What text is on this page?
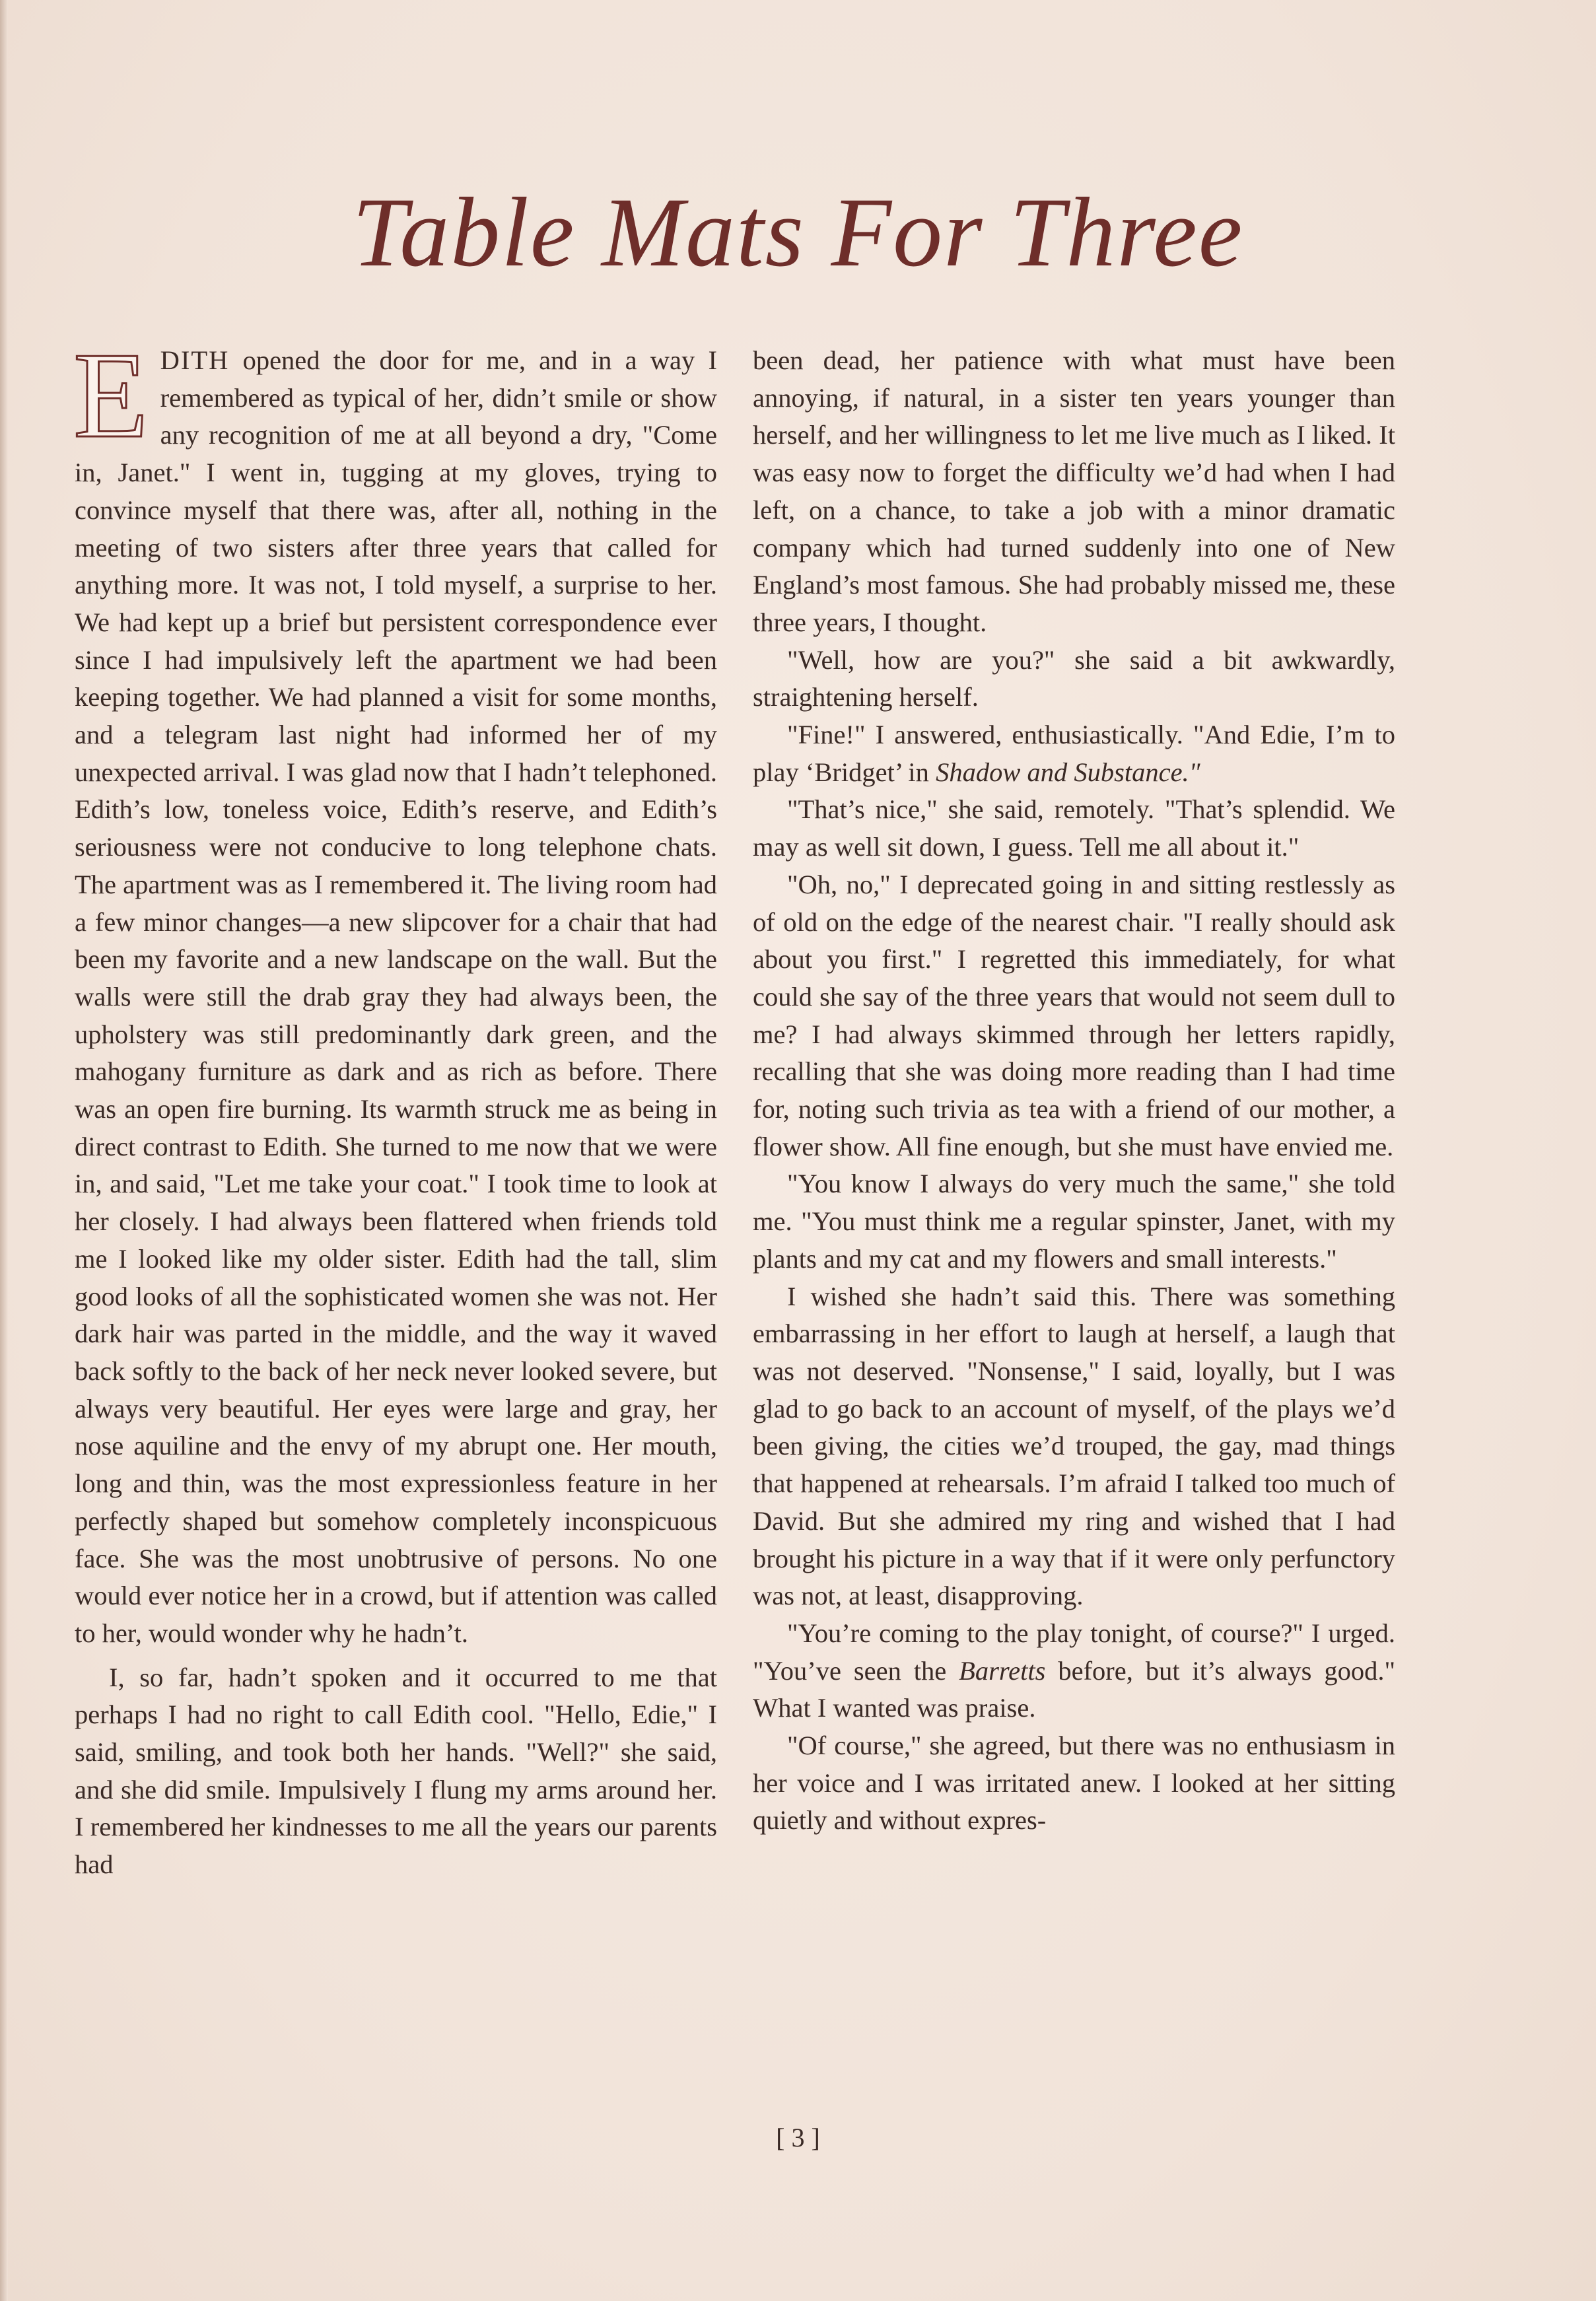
Table Mats For Three

EDITH opened the door for me, and in a way I remembered as typical of her, didn’t smile or show any recognition of me at all beyond a dry, "Come in, Janet." I went in, tugging at my gloves, trying to convince myself that there was, after all, nothing in the meeting of two sisters after three years that called for anything more. It was not, I told myself, a surprise to her. We had kept up a brief but persistent correspondence ever since I had impulsively left the apartment we had been keeping together. We had planned a visit for some months, and a telegram last night had informed her of my unexpected arrival. I was glad now that I hadn’t telephoned. Edith’s low, toneless voice, Edith’s reserve, and Edith’s seriousness were not conducive to long telephone chats. The apartment was as I remembered it. The living room had a few minor changes—a new slipcover for a chair that had been my favorite and a new landscape on the wall. But the walls were still the drab gray they had always been, the upholstery was still predominantly dark green, and the mahogany furniture as dark and as rich as before. There was an open fire burning. Its warmth struck me as being in direct contrast to Edith. She turned to me now that we were in, and said, "Let me take your coat." I took time to look at her closely. I had always been flattered when friends told me I looked like my older sister. Edith had the tall, slim good looks of all the sophisticated women she was not. Her dark hair was parted in the middle, and the way it waved back softly to the back of her neck never looked severe, but always very beautiful. Her eyes were large and gray, her nose aquiline and the envy of my abrupt one. Her mouth, long and thin, was the most expressionless feature in her perfectly shaped but somehow completely inconspicuous face. She was the most unobtrusive of persons. No one would ever notice her in a crowd, but if attention was called to her, would wonder why he hadn’t.

I, so far, hadn’t spoken and it occurred to me that perhaps I had no right to call Edith cool. "Hello, Edie," I said, smiling, and took both her hands. "Well?" she said, and she did smile. Impulsively I flung my arms around her. I remembered her kindnesses to me all the years our parents had

been dead, her patience with what must have been annoying, if natural, in a sister ten years younger than herself, and her willingness to let me live much as I liked. It was easy now to forget the difficulty we’d had when I had left, on a chance, to take a job with a minor dramatic company which had turned suddenly into one of New England’s most famous. She had probably missed me, these three years, I thought.

"Well, how are you?" she said a bit awkwardly, straightening herself.

"Fine!" I answered, enthusiastically. "And Edie, I’m to play ‘Bridget’ in Shadow and Substance."

"That’s nice," she said, remotely. "That’s splendid. We may as well sit down, I guess. Tell me all about it."

"Oh, no," I deprecated going in and sitting restlessly as of old on the edge of the nearest chair. "I really should ask about you first." I regretted this immediately, for what could she say of the three years that would not seem dull to me? I had always skimmed through her letters rapidly, recalling that she was doing more reading than I had time for, noting such trivia as tea with a friend of our mother, a flower show. All fine enough, but she must have envied me.

"You know I always do very much the same," she told me. "You must think me a regular spinster, Janet, with my plants and my cat and my flowers and small interests."

I wished she hadn’t said this. There was something embarrassing in her effort to laugh at herself, a laugh that was not deserved. "Nonsense," I said, loyally, but I was glad to go back to an account of myself, of the plays we’d been giving, the cities we’d trouped, the gay, mad things that happened at rehearsals. I’m afraid I talked too much of David. But she admired my ring and wished that I had brought his picture in a way that if it were only perfunctory was not, at least, disapproving.

"You’re coming to the play tonight, of course?" I urged. "You’ve seen the Barretts before, but it’s always good." What I wanted was praise.

"Of course," she agreed, but there was no enthusiasm in her voice and I was irritated anew. I looked at her sitting quietly and without expres-

[ 3 ]
